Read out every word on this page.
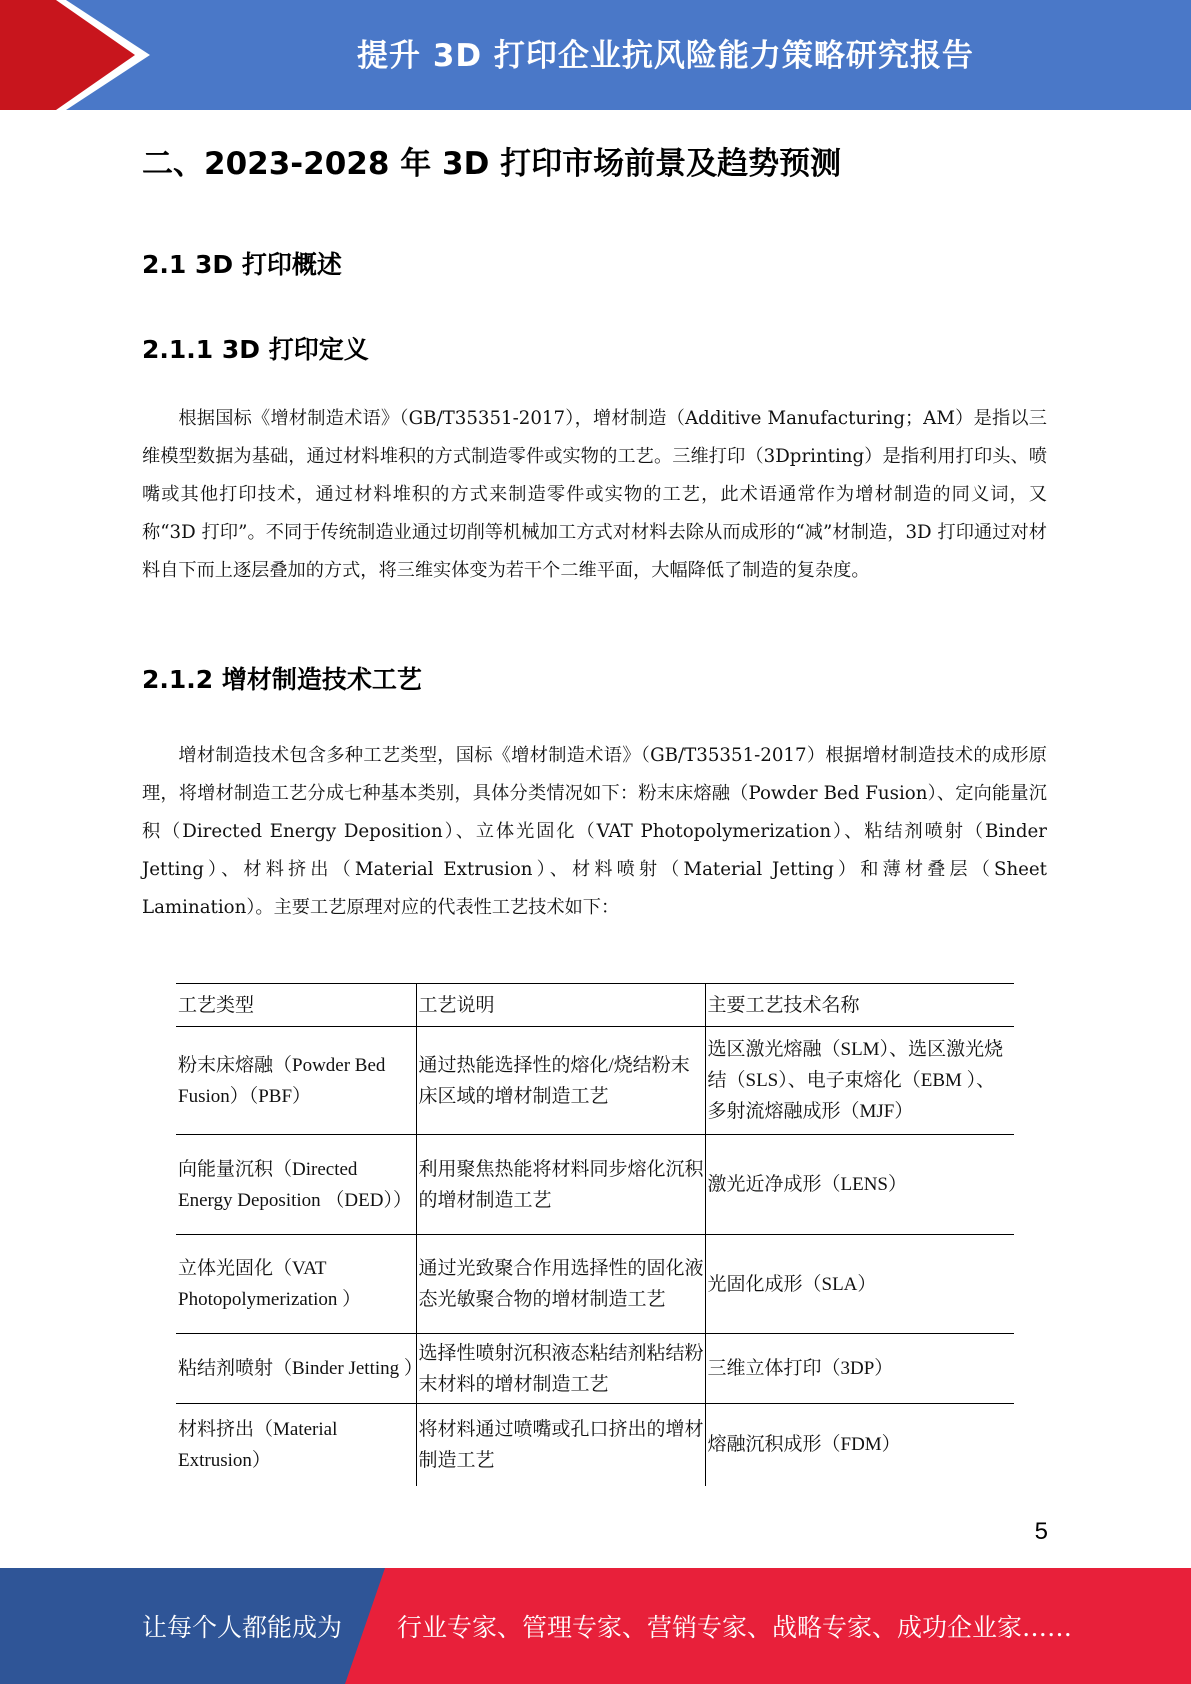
提升 3D 打印企业抗风险能力策略研究报告
二、2023-2028 年 3D 打印市场前景及趋势预测
2.1 3D 打印概述
2.1.1 3D 打印定义

根据国标《增材制造术语》（GB/T35351-2017），增材制造（Additive Manufacturing；AM）是指以三维模型数据为基础，通过材料堆积的方式制造零件或实物的工艺。三维打印（3Dprinting）是指利用打印头、喷嘴或其他打印技术，通过材料堆积的方式来制造零件或实物的工艺，此术语通常作为增材制造的同义词，又称“3D 打印”。不同于传统制造业通过切削等机械加工方式对材料去除从而成形的“减”材制造，3D 打印通过对材料自下而上逐层叠加的方式，将三维实体变为若干个二维平面，大幅降低了制造的复杂度。

2.1.2 增材制造技术工艺

增材制造技术包含多种工艺类型，国标《增材制造术语》（GB/T35351-2017）根据增材制造技术的成形原理，将增材制造工艺分成七种基本类别，具体分类情况如下：粉末床熔融（Powder Bed Fusion）、定向能量沉积（Directed Energy Deposition）、立体光固化（VAT Photopolymerization）、粘结剂喷射（Binder Jetting）、材料挤出（Material Extrusion）、材料喷射（Material Jetting）和薄材叠层（Sheet Lamination）。主要工艺原理对应的代表性工艺技术如下：

工艺类型	工艺说明	主要工艺技术名称
粉末床熔融（Powder Bed Fusion）（PBF）	通过热能选择性的熔化/烧结粉末床区域的增材制造工艺	选区激光熔融（SLM）、选区激光烧结（SLS）、电子束熔化（EBM ）、多射流熔融成形（MJF）

向能量沉积（Directed Energy Deposition （DED））	利用聚焦热能将材料同步熔化沉积的增材制造工艺	激光近净成形（LENS）
立体光固化（VAT Photopolymerization ）	通过光致聚合作用选择性的固化液态光敏聚合物的增材制造工艺	光固化成形（SLA）
粘结剂喷射（Binder Jetting ）	选择性喷射沉积液态粘结剂粘结粉末材料的增材制造工艺	三维立体打印（3DP）
材料挤出（Material Extrusion）	将材料通过喷嘴或孔口挤出的增材制造工艺	熔融沉积成形（FDM）
5
让每个人都能成为 行业专家、管理专家、营销专家、战略专家、成功企业家……
